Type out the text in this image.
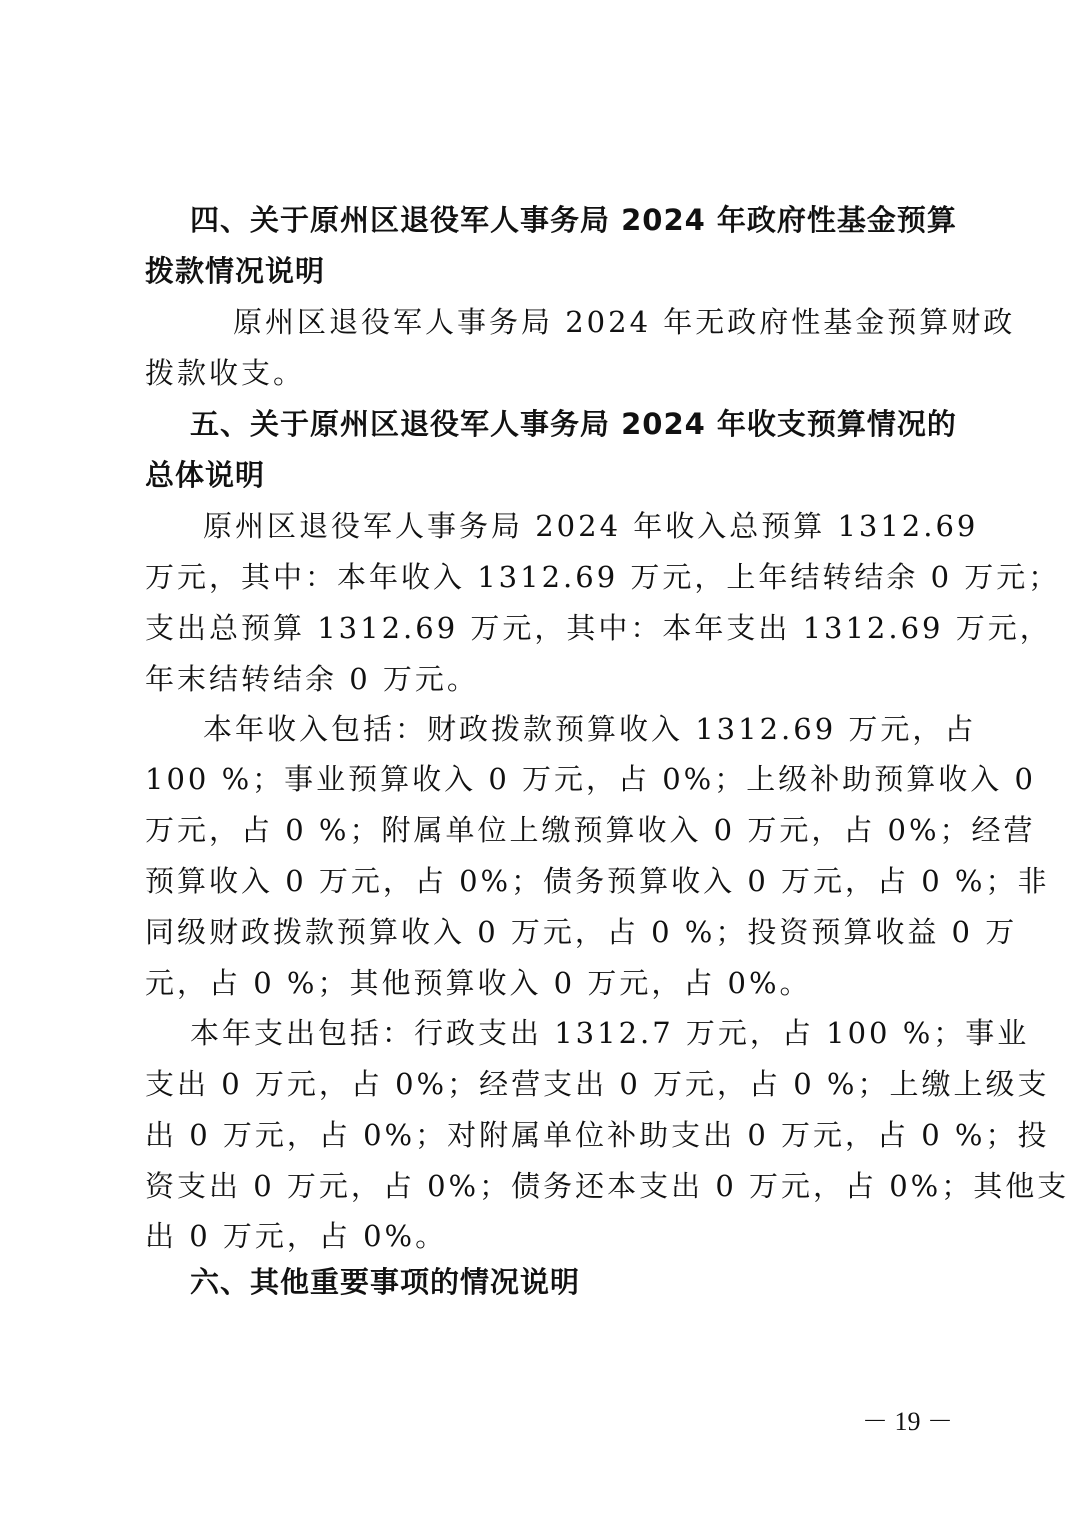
四、关于原州区退役军人事务局 2024 年政府性基金预算
拨款情况说明
原州区退役军人事务局 2024 年无政府性基金预算财政
拨款收支。
五、关于原州区退役军人事务局 2024 年收支预算情况的
总体说明
原州区退役军人事务局 2024 年收入总预算 1312.69
万元，其中：本年收入 1312.69 万元，上年结转结余 0 万元；
支出总预算 1312.69 万元，其中：本年支出 1312.69 万元，
年末结转结余 0 万元。
本年收入包括：财政拨款预算收入 1312.69 万元，占
100 %；事业预算收入 0 万元，占 0%；上级补助预算收入 0
万元，占 0 %；附属单位上缴预算收入 0 万元，占 0%；经营
预算收入 0 万元，占 0%；债务预算收入 0 万元，占 0 %；非
同级财政拨款预算收入 0 万元，占 0 %；投资预算收益 0 万
元，占 0 %；其他预算收入 0 万元，占 0%。
本年支出包括：行政支出 1312.7 万元，占 100 %；事业
支出 0 万元，占 0%；经营支出 0 万元，占 0 %；上缴上级支
出 0 万元，占 0%；对附属单位补助支出 0 万元，占 0 %；投
资支出 0 万元，占 0%；债务还本支出 0 万元，占 0%；其他支
出 0 万元，占 0%。
六、其他重要事项的情况说明
－ 19 －
